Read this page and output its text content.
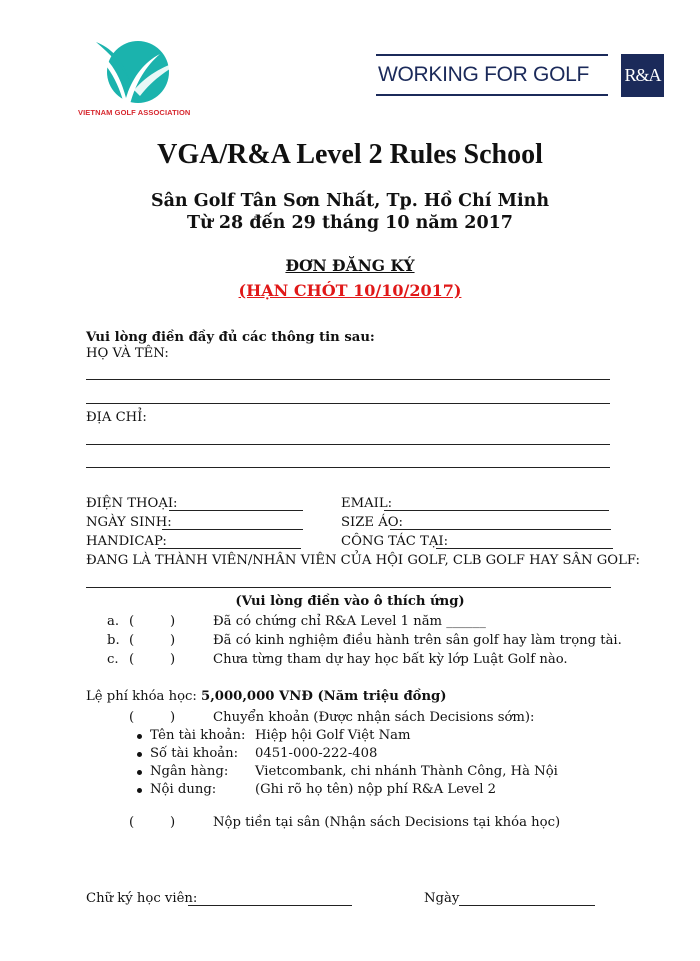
VIETNAM GOLF ASSOCIATION
WORKING FOR GOLF R&A
VGA/R&A Level 2 Rules School
Sân Golf Tân Sơn Nhất, Tp. Hồ Chí Minh
Từ 28 đến 29 tháng 10 năm 2017
ĐƠN ĐĂNG KÝ
(HẠN CHÓT 10/10/2017)
Vui lòng điền đầy đủ các thông tin sau:
HỌ VÀ TÊN:
ĐỊA CHỈ:
ĐIỆN THOẠI:	EMAIL:
NGÀY SINH:	SIZE ÁO:
HANDICAP:	CÔNG TÁC TẠI:
ĐANG LÀ THÀNH VIÊN/NHÂN VIÊN CỦA HỘI GOLF, CLB GOLF HAY SÂN GOLF:
(Vui lòng điền vào ô thích ứng)
a. (	)	Đã có chứng chỉ R&A Level 1 năm ______
b. (	)	Đã có kinh nghiệm điều hành trên sân golf hay làm trọng tài.
c. (	)	Chưa từng tham dự hay học bất kỳ lớp Luật Golf nào.
Lệ phí khóa học: 5,000,000 VNĐ (Năm triệu đồng)
(	)	Chuyển khoản (Được nhận sách Decisions sớm):
Tên tài khoản: Hiệp hội Golf Việt Nam
Số tài khoản: 0451-000-222-408
Ngân hàng: Vietcombank, chi nhánh Thành Công, Hà Nội
Nội dung:	(Ghi rõ họ tên) nộp phí R&A Level 2
(	)	Nộp tiền tại sân (Nhận sách Decisions tại khóa học)
Chữ ký học viên:	Ngày
